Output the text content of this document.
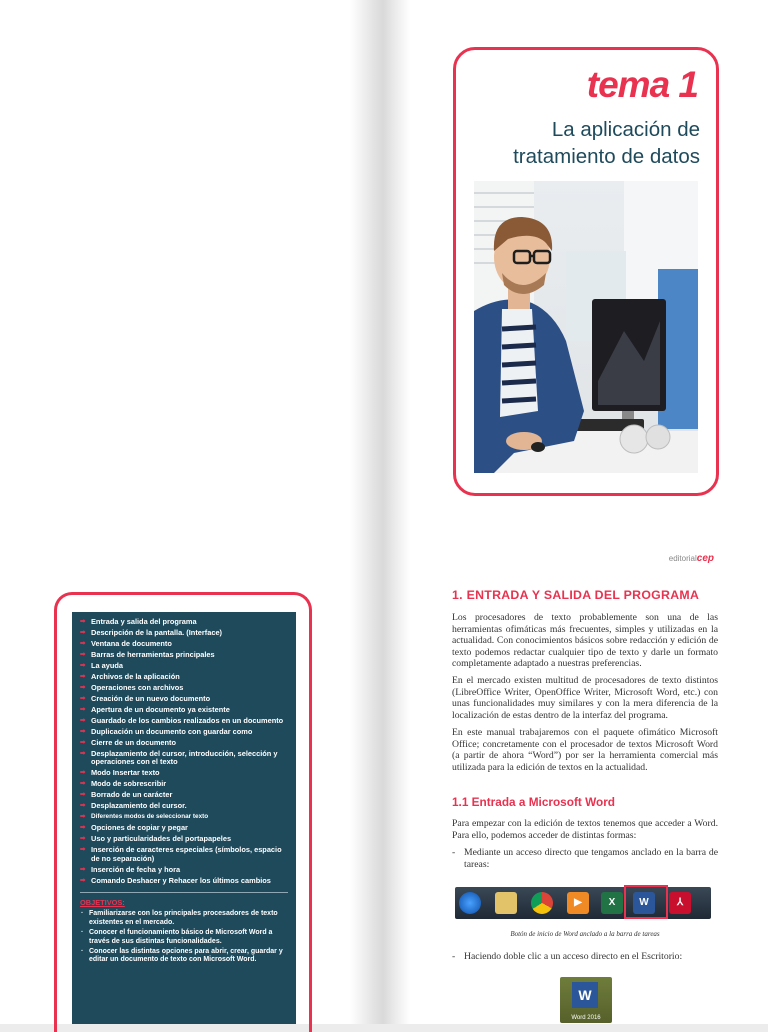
➡ Entrada y salida del programa
➡ Descripción de la pantalla. (Interface)
➡ Ventana de documento
➡ Barras de herramientas principales
➡ La ayuda
➡ Archivos de la aplicación
➡ Operaciones con archivos
➡ Creación de un nuevo documento
➡ Apertura de un documento ya existente
➡ Guardado de los cambios realizados en un documento
➡ Duplicación un documento con guardar como
➡ Cierre de un documento
➡ Desplazamiento del cursor, introducción, selección y operaciones con el texto
➡ Modo Insertar texto
➡ Modo de sobrescribir
➡ Borrado de un carácter
➡ Desplazamiento del cursor.
➡ Diferentes modos de seleccionar texto
➡ Opciones de copiar y pegar
➡ Uso y particularidades del portapapeles
➡ Inserción de caracteres especiales (símbolos, espacio de no separación)
➡ Inserción de fecha y hora
➡ Comando Deshacer y Rehacer los últimos cambios
OBJETIVOS:
· Familiarizarse con los principales procesadores de texto existentes en el mercado.
· Conocer el funcionamiento básico de Microsoft Word a través de sus distintas funcionalidades.
· Conocer las distintas opciones para abrir, crear, guardar y editar un documento de texto con Microsoft Word.
tema 1
La aplicación de
tratamiento de datos
editorialcep
1. ENTRADA Y SALIDA DEL PROGRAMA

Los procesadores de texto probablemente son una de las herramientas ofimáticas más frecuentes, simples y utilizadas en la actualidad. Con conocimientos básicos sobre redacción y edición de texto podemos redactar cualquier tipo de texto y darle un formato completamente adaptado a nuestras preferencias.

En el mercado existen multitud de procesadores de texto distintos (LibreOffice Writer, OpenOffice Writer, Microsoft Word, etc.) con unas funcionalidades muy similares y con la mera diferencia de la localización de estas dentro de la interfaz del programa.

En este manual trabajaremos con el paquete ofimático Microsoft Office; concretamente con el procesador de textos Microsoft Word (a partir de ahora “Word”) por ser la herramienta comercial más utilizada para la edición de textos en la actualidad.

1.1 Entrada a Microsoft Word

Para empezar con la edición de textos tenemos que acceder a Word. Para ello, podemos acceder de distintas formas:

- Mediante un acceso directo que tengamos anclado en la barra de tareas:

▶	X	W	⅄
Botón de inicio de Word anclado a la barra de tareas

- Haciendo doble clic a un acceso directo en el Escritorio:

W
Word 2016
